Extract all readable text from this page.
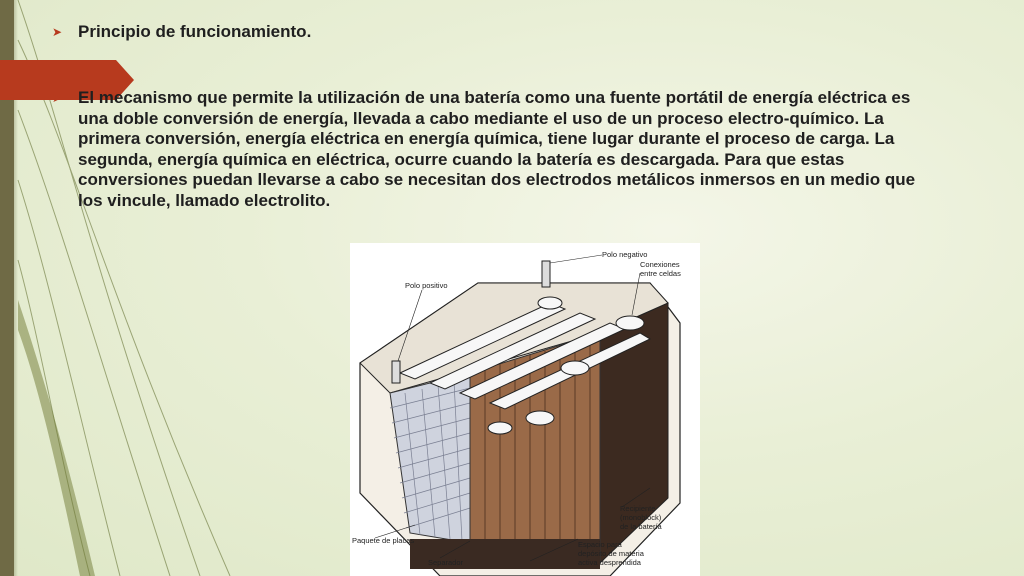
➤ Principio de funcionamiento.
➤ El mecanismo que permite la utilización de una batería como una fuente portátil de energía eléctrica es una doble conversión de energía, llevada a cabo mediante el uso de un proceso electro-químico. La primera conversión, energía eléctrica en energía química, tiene lugar durante el proceso de carga. La segunda, energía química en eléctrica, ocurre cuando la batería es descargada. Para que estas conversiones puedan llevarse a cabo se necesitan dos electrodos metálicos inmersos en un medio que los vincule, llamado electrolito.
Polo negativo
Conexiones
entre celdas
Polo positivo
Paquete de placas
Separador
Recipiente
(monoblock)
de la batería
Espacio para
depósito de materia
activa desprendida
